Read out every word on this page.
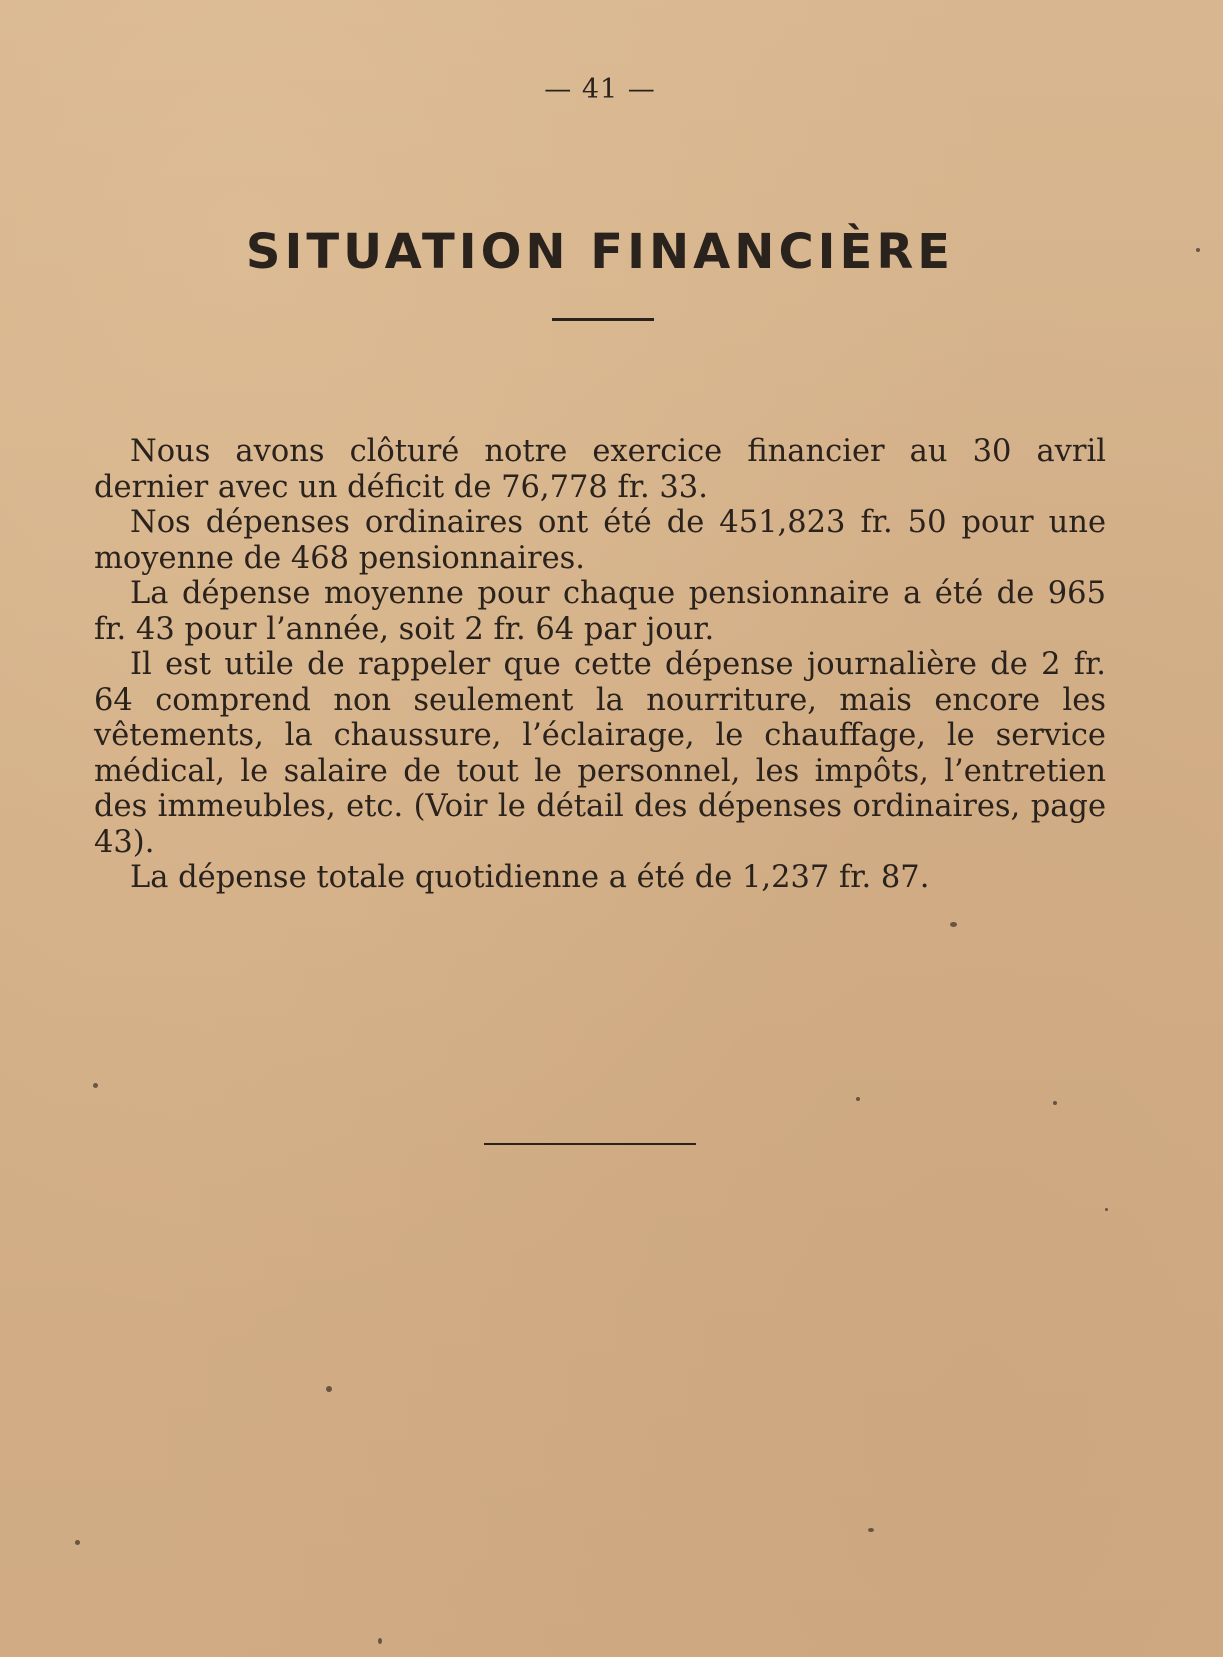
— 41 —
SITUATION FINANCIÈRE

Nous avons clôturé notre exercice financier au 30 avril dernier avec un déficit de 76,778 fr. 33.

Nos dépenses ordinaires ont été de 451,823 fr. 50 pour une moyenne de 468 pensionnaires.

La dépense moyenne pour chaque pensionnaire a été de 965 fr. 43 pour l’année, soit 2 fr. 64 par jour.

Il est utile de rappeler que cette dépense journalière de 2 fr. 64 comprend non seulement la nourriture, mais encore les vêtements, la chaussure, l’éclairage, le chauffage, le service médical, le salaire de tout le personnel, les impôts, l’entretien des immeubles, etc. (Voir le détail des dépenses ordinaires, page 43).

La dépense totale quotidienne a été de 1,237 fr. 87.
